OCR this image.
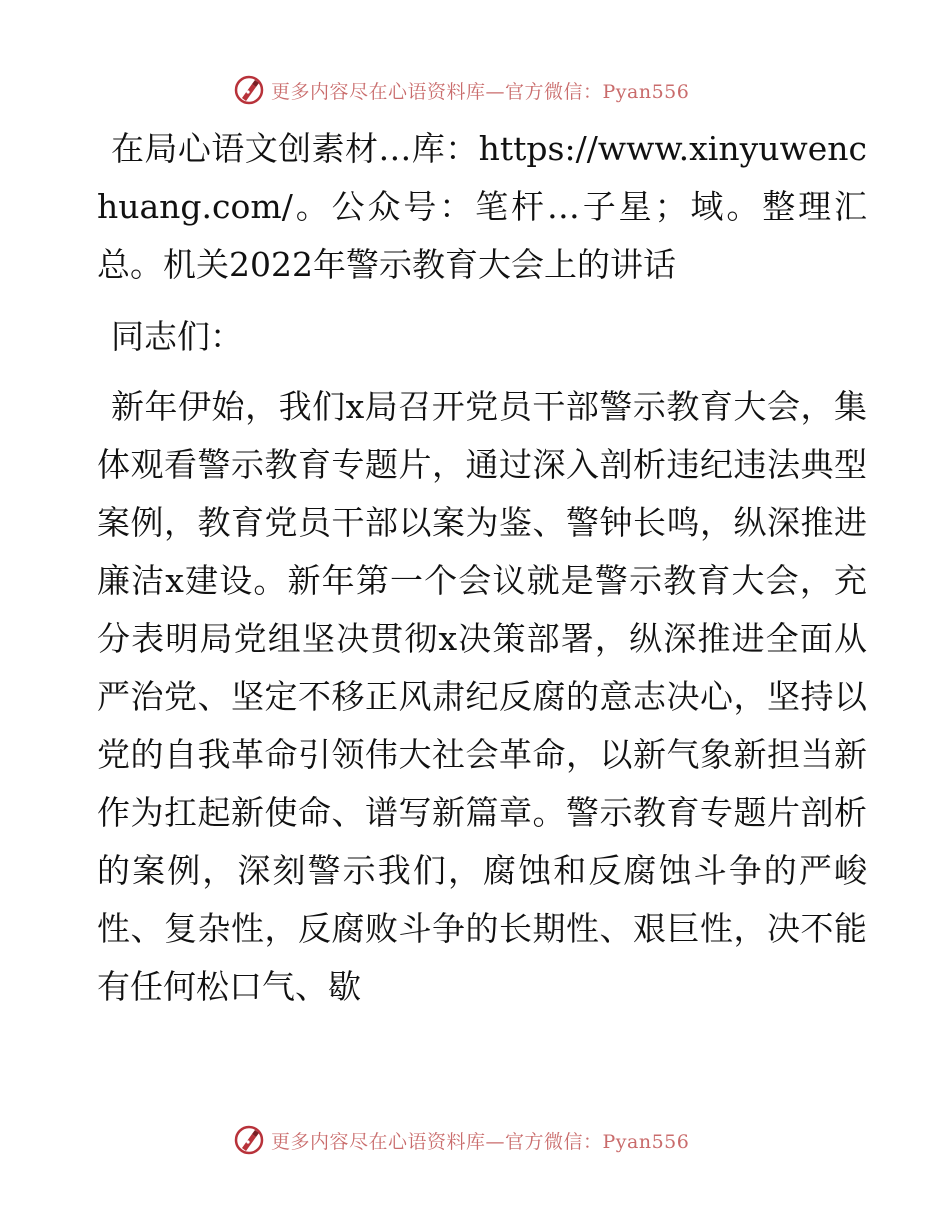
更多内容尽在心语资料库—官方微信：Pyan556

在局心语文创素材…库：https://www.xinyuwenchuang.com/。公众号：笔杆…子星；域。整理汇总。机关2022年警示教育大会上的讲话

同志们：

新年伊始，我们x局召开党员干部警示教育大会，集体观看警示教育专题片，通过深入剖析违纪违法典型案例，教育党员干部以案为鉴、警钟长鸣，纵深推进廉洁x建设。新年第一个会议就是警示教育大会，充分表明局党组坚决贯彻x决策部署，纵深推进全面从严治党、坚定不移正风肃纪反腐的意志决心，坚持以党的自我革命引领伟大社会革命，以新气象新担当新作为扛起新使命、谱写新篇章。警示教育专题片剖析的案例，深刻警示我们，腐蚀和反腐蚀斗争的严峻性、复杂性，反腐败斗争的长期性、艰巨性，决不能有任何松口气、歇

更多内容尽在心语资料库—官方微信：Pyan556
